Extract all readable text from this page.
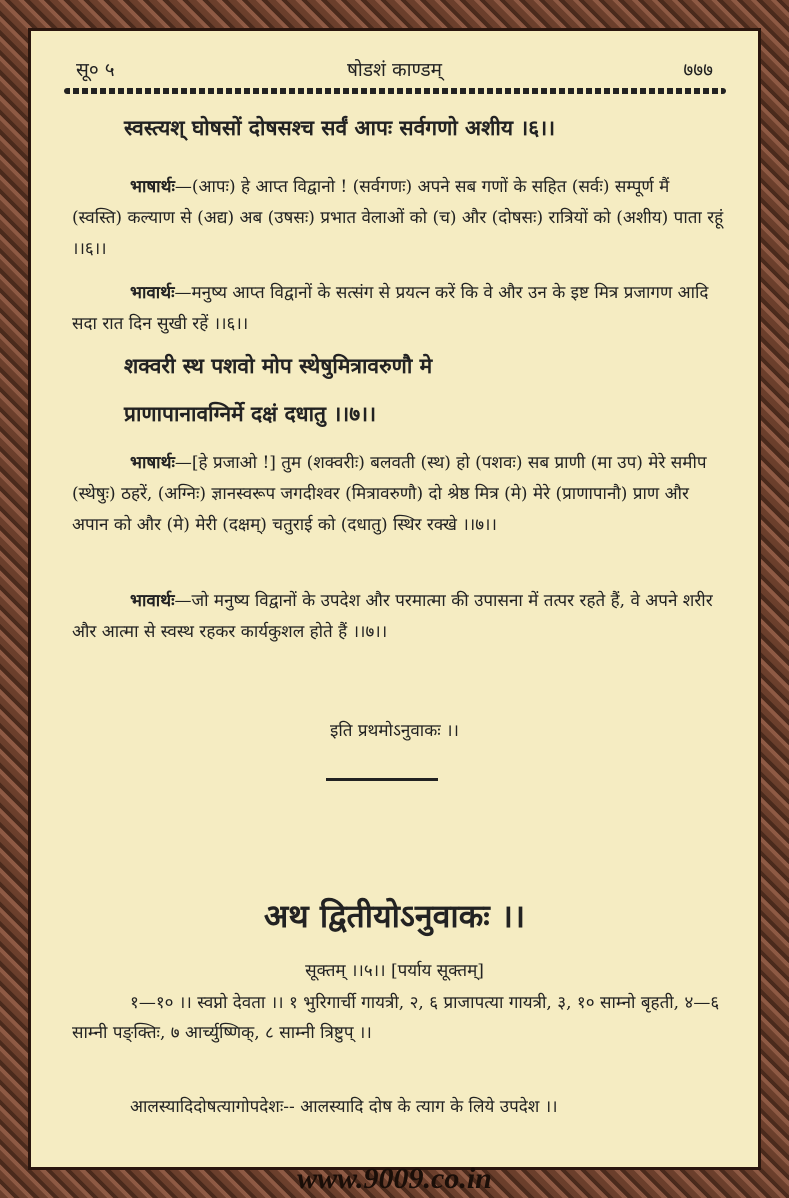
सू० ५	षोडशं काण्डम्	७७७
स्वस्त्यश् घोषसों दोषसश्च सर्वं आपः सर्वगणो अशीय ।६।।
भाषार्थः—(आपः) हे आप्त विद्वानो ! (सर्वगणः) अपने सब गणों के सहित (सर्वः) सम्पूर्ण मैं (स्वस्ति) कल्याण से (अद्य) अब (उषसः) प्रभात वेलाओं को (च) और (दोषसः) रात्रियों को (अशीय) पाता रहूं ।।६।।
भावार्थः—मनुष्य आप्त विद्वानों के सत्संग से प्रयत्न करें कि वे और उन के इष्ट मित्र प्रजागण आदि सदा रात दिन सुखी रहें ।।६।।
शक्वरी स्थ पशवो मोप स्थेषुमित्रावरुणौ मे
प्राणापानावग्निर्मे दक्षं दधातु ।।७।।
भाषार्थः—[हे प्रजाओ !] तुम (शक्वरीः) बलवती (स्थ) हो (पशवः) सब प्राणी (मा उप) मेरे समीप (स्थेषुः) ठहरें, (अग्निः) ज्ञानस्वरूप जगदीश्वर (मित्रावरुणौ) दो श्रेष्ठ मित्र (मे) मेरे (प्राणापानौ) प्राण और अपान को और (मे) मेरी (दक्षम्) चतुराई को (दधातु) स्थिर रक्खे ।।७।।
भावार्थः—जो मनुष्य विद्वानों के उपदेश और परमात्मा की उपासना में तत्पर रहते हैं, वे अपने शरीर और आत्मा से स्वस्थ रहकर कार्यकुशल होते हैं ।।७।।
इति प्रथमोऽनुवाकः ।।
अथ द्वितीयोऽनुवाकः ।।
सूक्तम् ।।५।। [पर्याय सूक्तम्]
१—१० ।। स्वप्नो देवता ।। १ भुरिगार्ची गायत्री, २, ६ प्राजापत्या गायत्री, ३, १० साम्नो बृहती, ४—६ साम्नी पङ्क्तिः, ७ आर्च्युष्णिक्, ८ साम्नी त्रिष्टुप् ।।
आलस्यादिदोषत्यागोपदेशः-- आलस्यादि दोष के त्याग के लिये उपदेश ।।
www.9009.co.in
